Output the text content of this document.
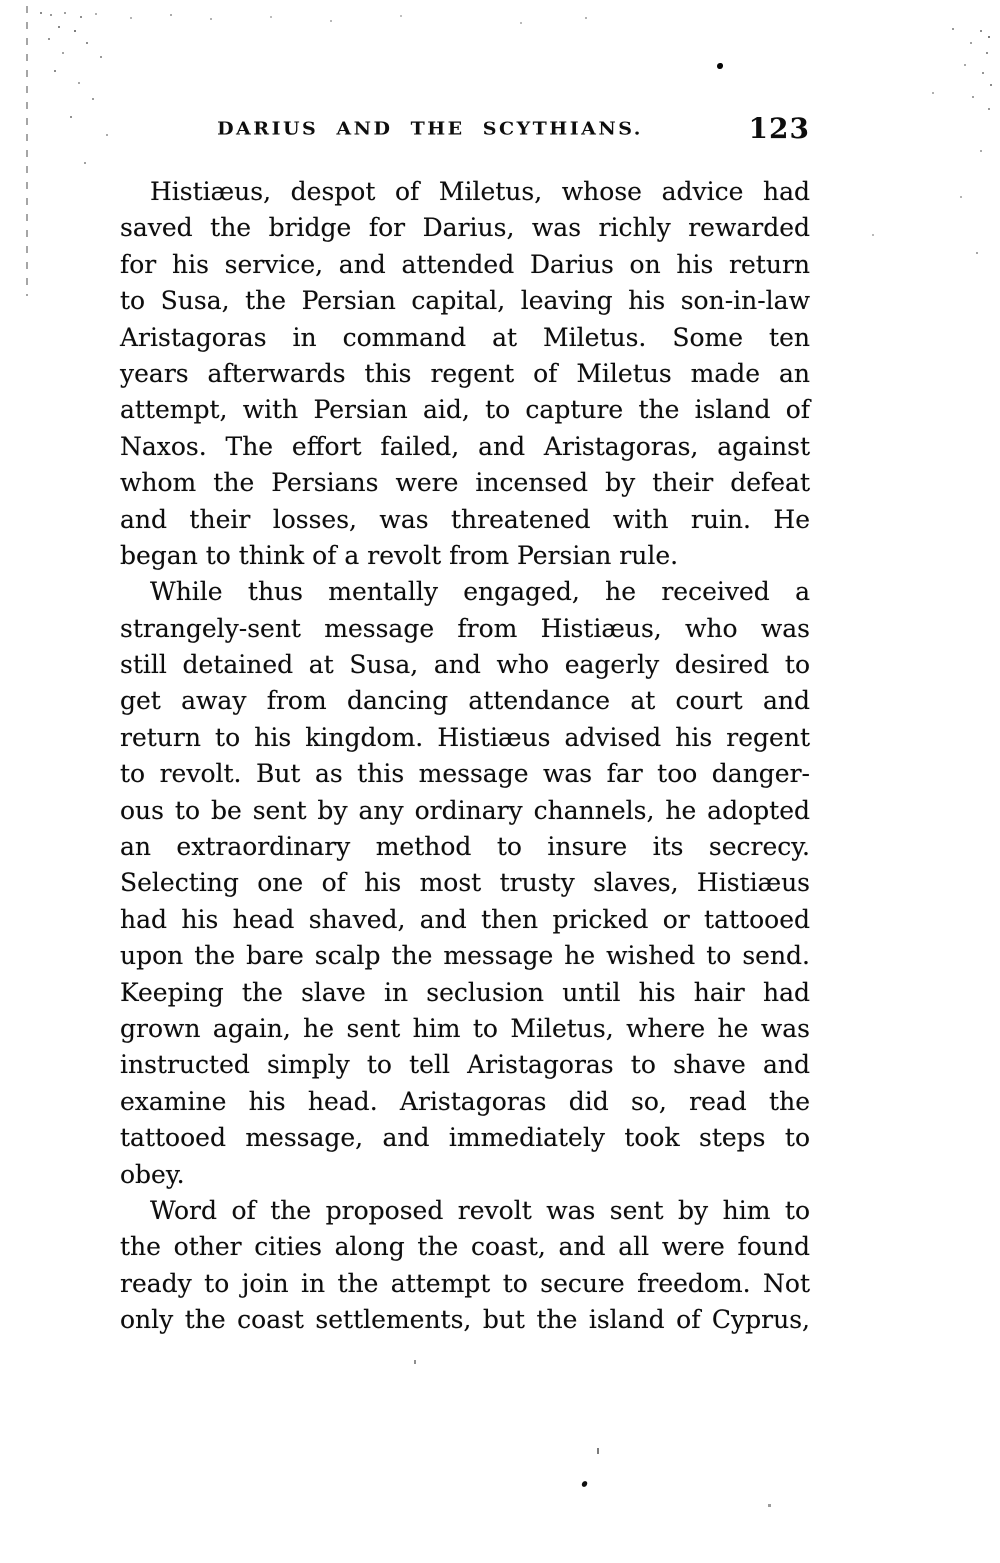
DARIUS AND THE SCYTHIANS.	123
Histiæus, despot of Miletus, whose advice had
saved the bridge for Darius, was richly rewarded
for his service, and attended Darius on his return
to Susa, the Persian capital, leaving his son-in-law
Aristagoras in command at Miletus. Some ten
years afterwards this regent of Miletus made an
attempt, with Persian aid, to capture the island of
Naxos. The effort failed, and Aristagoras, against
whom the Persians were incensed by their defeat
and their losses, was threatened with ruin. He
began to think of a revolt from Persian rule.
While thus mentally engaged, he received a
strangely-sent message from Histiæus, who was
still detained at Susa, and who eagerly desired to
get away from dancing attendance at court and
return to his kingdom. Histiæus advised his regent
to revolt. But as this message was far too danger-
ous to be sent by any ordinary channels, he adopted
an extraordinary method to insure its secrecy.
Selecting one of his most trusty slaves, Histiæus
had his head shaved, and then pricked or tattooed
upon the bare scalp the message he wished to send.
Keeping the slave in seclusion until his hair had
grown again, he sent him to Miletus, where he was
instructed simply to tell Aristagoras to shave and
examine his head. Aristagoras did so, read the
tattooed message, and immediately took steps to
obey.
Word of the proposed revolt was sent by him to
the other cities along the coast, and all were found
ready to join in the attempt to secure freedom. Not
only the coast settlements, but the island of Cyprus,
